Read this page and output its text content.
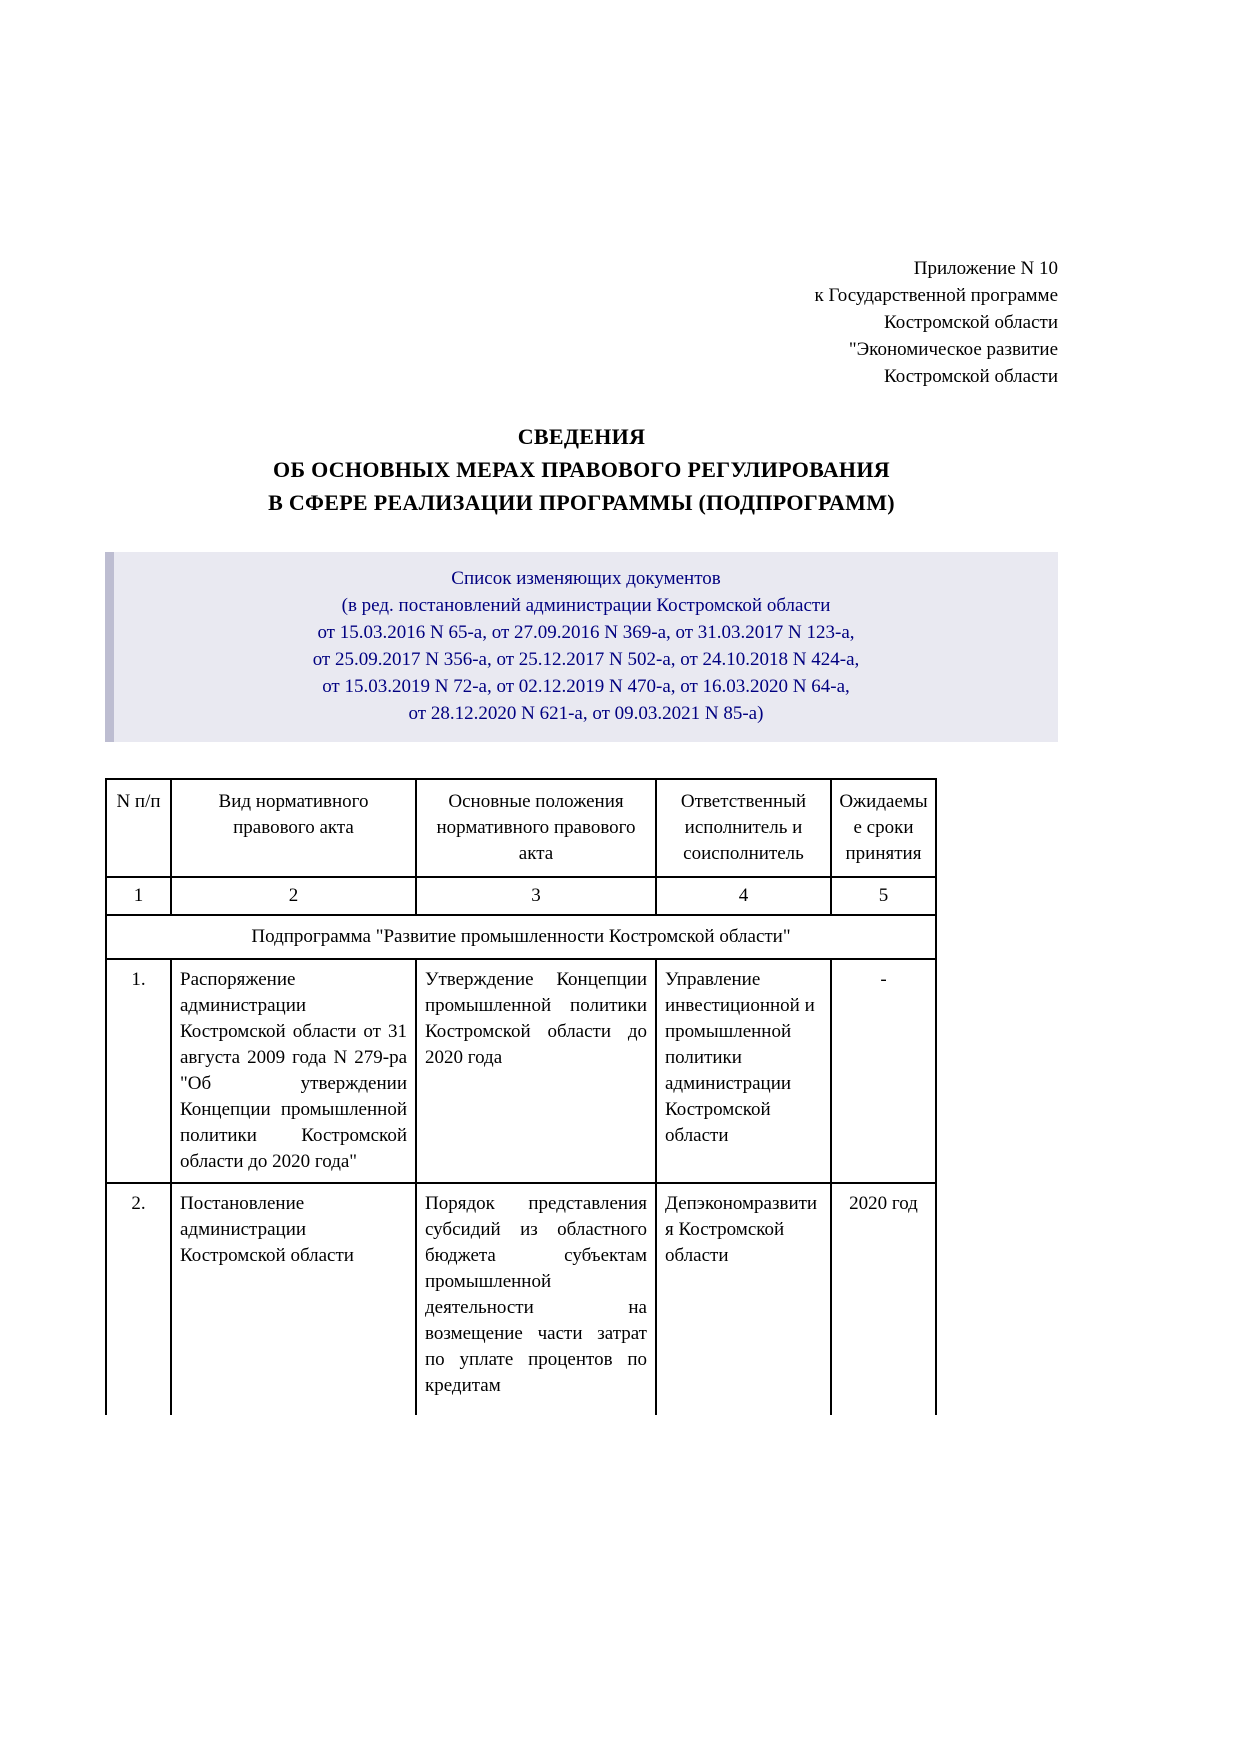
Приложение N 10
к Государственной программе
Костромской области
"Экономическое развитие
Костромской области
СВЕДЕНИЯ
ОБ ОСНОВНЫХ МЕРАХ ПРАВОВОГО РЕГУЛИРОВАНИЯ
В СФЕРЕ РЕАЛИЗАЦИИ ПРОГРАММЫ (ПОДПРОГРАММ)
Список изменяющих документов
(в ред. постановлений администрации Костромской области
от 15.03.2016 N 65-а, от 27.09.2016 N 369-а, от 31.03.2017 N 123-а,
от 25.09.2017 N 356-а, от 25.12.2017 N 502-а, от 24.10.2018 N 424-а,
от 15.03.2019 N 72-а, от 02.12.2019 N 470-а, от 16.03.2020 N 64-а,
от 28.12.2020 N 621-а, от 09.03.2021 N 85-а)
N п/п	Вид нормативного правового акта	Основные положения нормативного правового акта	Ответственный исполнитель и соисполнитель	Ожидаемые сроки принятия
1	2	3	4	5
Подпрограмма "Развитие промышленности Костромской области"				
1.	Распоряжение администрации Костромской области от 31 августа 2009 года N 279-ра "Об утверждении Концепции промышленной политики Костромской области до 2020 года"	Утверждение Концепции промышленной политики Костромской области до 2020 года	Управление инвестиционной и промышленной политики администрации Костромской области	-
2.	Постановление администрации Костромской области	Порядок представления субсидий из областного бюджета субъектам промышленной деятельности на возмещение части затрат по уплате процентов по кредитам	Депэкономразвития Костромской области	2020 год
